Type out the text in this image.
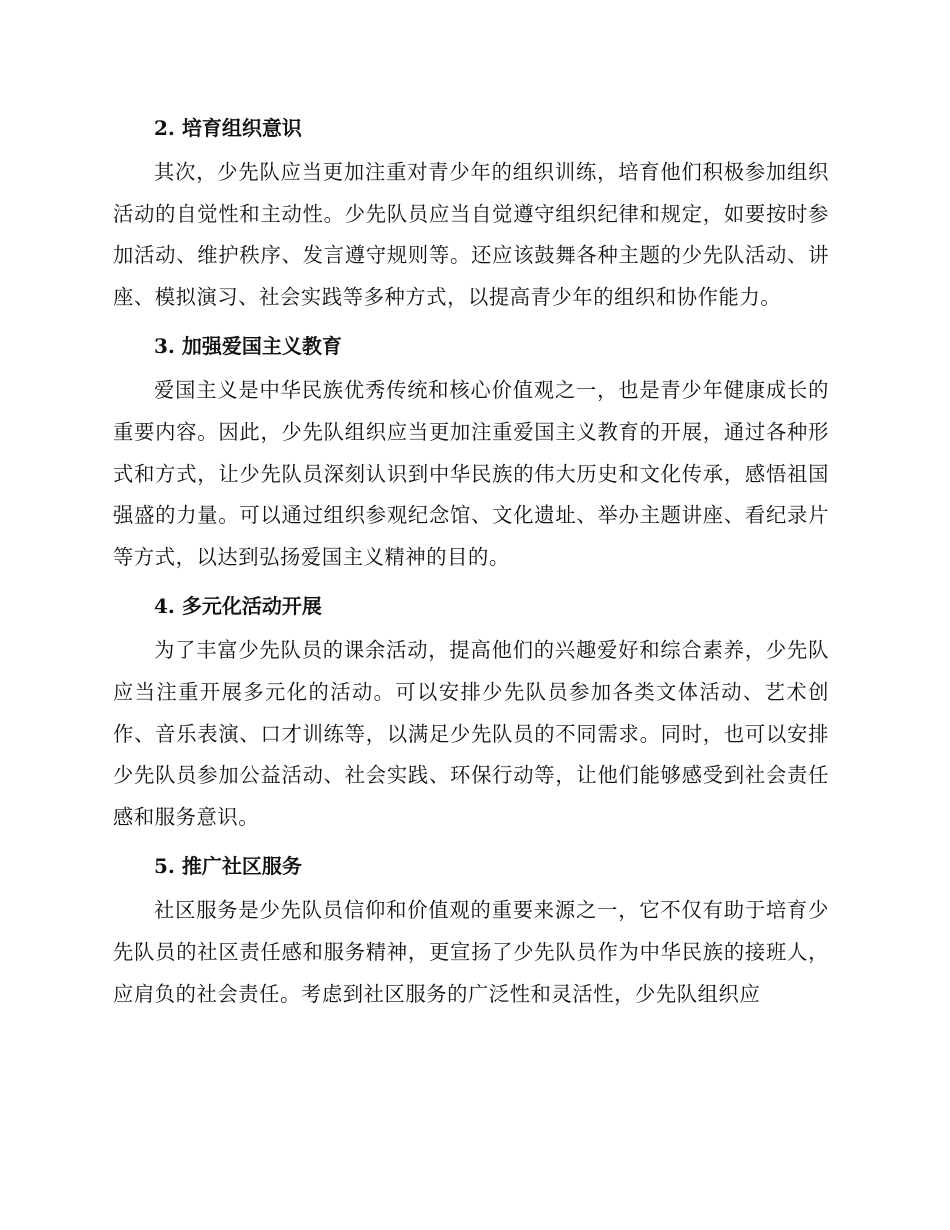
2. 培育组织意识

其次，少先队应当更加注重对青少年的组织训练，培育他们积极参加组织活动的自觉性和主动性。少先队员应当自觉遵守组织纪律和规定，如要按时参加活动、维护秩序、发言遵守规则等。还应该鼓舞各种主题的少先队活动、讲座、模拟演习、社会实践等多种方式，以提高青少年的组织和协作能力。

3. 加强爱国主义教育

爱国主义是中华民族优秀传统和核心价值观之一，也是青少年健康成长的重要内容。因此，少先队组织应当更加注重爱国主义教育的开展，通过各种形式和方式，让少先队员深刻认识到中华民族的伟大历史和文化传承，感悟祖国强盛的力量。可以通过组织参观纪念馆、文化遗址、举办主题讲座、看纪录片等方式，以达到弘扬爱国主义精神的目的。

4. 多元化活动开展

为了丰富少先队员的课余活动，提高他们的兴趣爱好和综合素养，少先队应当注重开展多元化的活动。可以安排少先队员参加各类文体活动、艺术创作、音乐表演、口才训练等，以满足少先队员的不同需求。同时，也可以安排少先队员参加公益活动、社会实践、环保行动等，让他们能够感受到社会责任感和服务意识。

5. 推广社区服务

社区服务是少先队员信仰和价值观的重要来源之一，它不仅有助于培育少先队员的社区责任感和服务精神，更宣扬了少先队员作为中华民族的接班人，应肩负的社会责任。考虑到社区服务的广泛性和灵活性，少先队组织应
